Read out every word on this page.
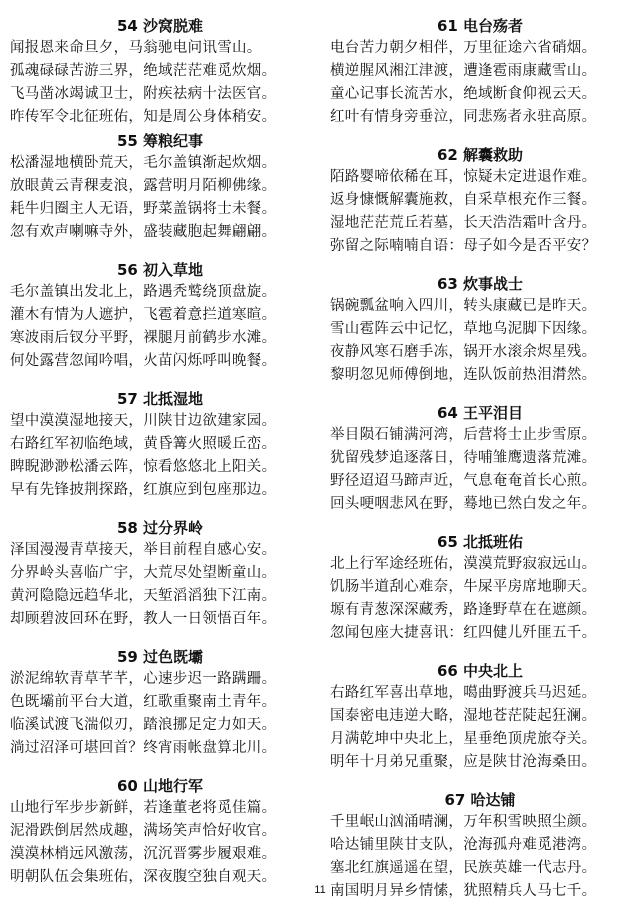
54 沙窝脱难
闻报恩来命旦夕，马翁驰电问讯雪山。
孤魂碌碌苦游三界，绝域茫茫难觅炊烟。
飞马凿冰竭诚卫士，附疾祛病十法医官。
昨传军令北征班佑，知是周公身体稍安。
55 筹粮纪事
松潘湿地横卧荒天，毛尔盖镇渐起炊烟。
放眼黄云青稞麦浪，露营明月陌柳佛缘。
耗牛归圈主人无语，野菜盖锅将士未餐。
忽有欢声喇嘛寺外，盛装藏胞起舞翩翩。
56 初入草地
毛尔盖镇出发北上，路遇秃鹫绕顶盘旋。
灌木有情为人遮护，飞雹着意拦道寒暄。
寒波雨后钗分平野，裸腿月前鹤步水滩。
何处露营忽闻吟唱，火苗闪烁呼叫晚餐。
57 北抵湿地
望中漠漠湿地接天，川陕甘边欲建家园。
右路红军初临绝域，黄昏篝火照暖丘峦。
睥睨渺渺松潘云阵，惊看悠悠北上阳关。
早有先锋披荆探路，红旗应到包座那边。
58 过分界岭
泽国漫漫青草接天，举目前程自感心安。
分界岭头喜临广宇，大荒尽处望断童山。
黄河隐隐远趋华北，天堑滔滔独下江南。
却顾碧波回环在野，教人一日领悟百年。
59 过色既壩
淤泥绵软青草芊芊，心速步迟一路蹒跚。
色既壩前平台大道，红歌重聚南土青年。
临溪试渡飞湍似刃，踏浪挪足定力如天。
淌过沼泽可堪回首？终宵雨帐盘算北川。
60 山地行军
山地行军步步新鲜，若逢董老将觅佳篇。
泥滑跌倒居然成趣，满场笑声恰好收官。
漠漠林梢远风激荡，沉沉晋雾步履艰难。
明朝队伍会集班佑，深夜腹空独自观天。
61 电台殇者
电台苦力朝夕相伴，万里征途六省硝烟。
横逆腥风湘江津渡，遭逢雹雨康藏雪山。
童心记事长流苦水，绝域断食仰视云天。
红叶有情身旁垂泣，同悲殇者永驻高原。
62 解囊救助
陌路婴啼依稀在耳，惊疑未定进退作难。
返身慷慨解囊施救，自采草根充作三餐。
湿地茫茫荒丘若墓，长天浩浩霜叶含丹。
弥留之际喃喃自语：母子如今是否平安？
63 炊事战士
锅碗瓢盆响入四川，转头康藏已是昨天。
雪山雹阵云中记忆，草地乌泥脚下因缘。
夜静风寒石磨手冻，锅开水滚余烬星残。
黎明忽见师傅倒地，连队饭前热泪潸然。
64 王平泪目
举目陨石铺满河湾，后营将士止步雪原。
犹留残梦追逐落日，待哺雏鹰遗落荒滩。
野径迢迢马蹄声近，气息奄奄首长心煎。
回头哽咽悲风在野，蓦地已然白发之年。
65 北抵班佑
北上行军途经班佑，漠漠荒野寂寂远山。
饥肠半道刮心难奈，牛屎平房席地聊天。
塬有青葱深深藏秀，路逢野草在在遮颜。
忽闻包座大捷喜讯：红四健儿歼匪五千。
66 中央北上
右路红军喜出草地，噶曲野渡兵马迟延。
国泰密电违逆大略，湿地苍茫陡起狂澜。
月满乾坤中央北上，星垂绝顶虎旅夺关。
明年十月弟兄重聚，应是陕甘沧海桑田。
67 哈达铺
千里岷山汹涌晴澜，万年积雪映照尘颜。
哈达铺里陕甘支队，沧海孤舟难觅港湾。
塞北红旗遥遥在望，民族英雄一代志丹。
南国明月异乡情愫，犹照精兵人马七千。
11
